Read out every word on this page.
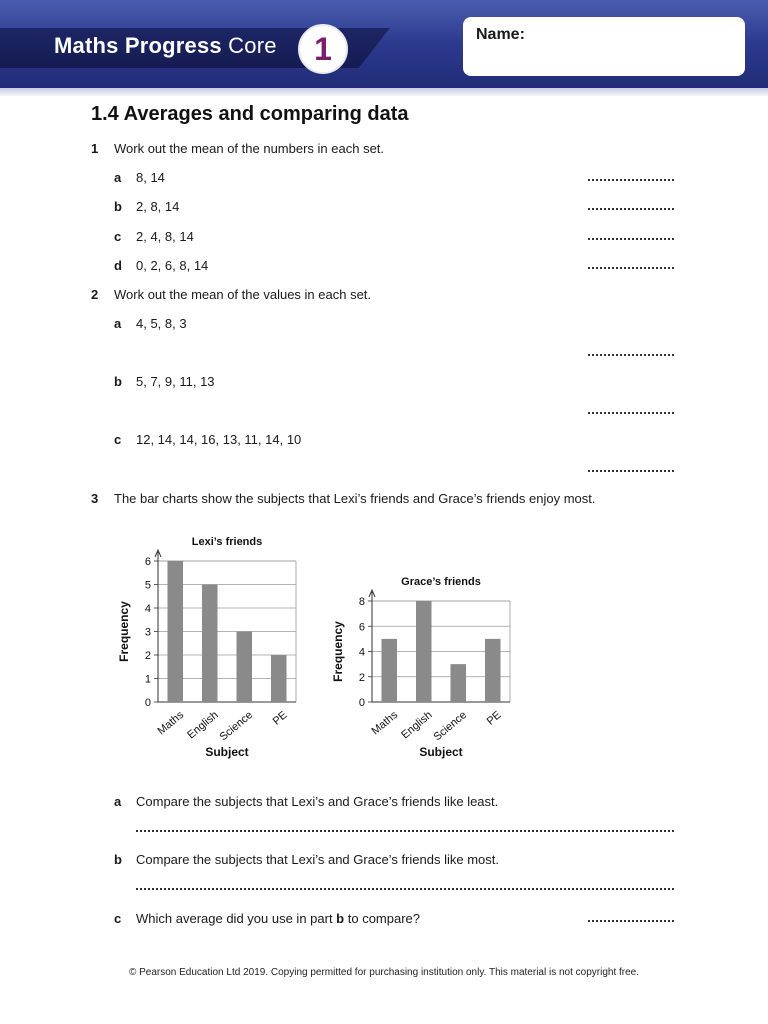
Maths Progress Core	1	Name:
1.4 Averages and comparing data
1 Work out the mean of the numbers in each set.
a 8, 14
b 2, 8, 14
c 2, 4, 8, 14
d 0, 2, 6, 8, 14
2 Work out the mean of the values in each set.
a 4, 5, 8, 3
b 5, 7, 9, 11, 13
c 12, 14, 14, 16, 13, 11, 14, 10
3 The bar charts show the subjects that Lexi’s friends and Grace’s friends enjoy most.
Lexi’s friends
0
1
2
3
4
5
6
Maths English
Science PE
Subject
Frequency
Grace’s friends
0
2
4
6
8
Maths English
Science PE
Subject
Frequency
a Compare the subjects that Lexi’s and Grace’s friends like least.
b Compare the subjects that Lexi’s and Grace’s friends like most.
c Which average did you use in part b to compare?
© Pearson Education Ltd 2019. Copying permitted for purchasing institution only. This material is not copyright free.
